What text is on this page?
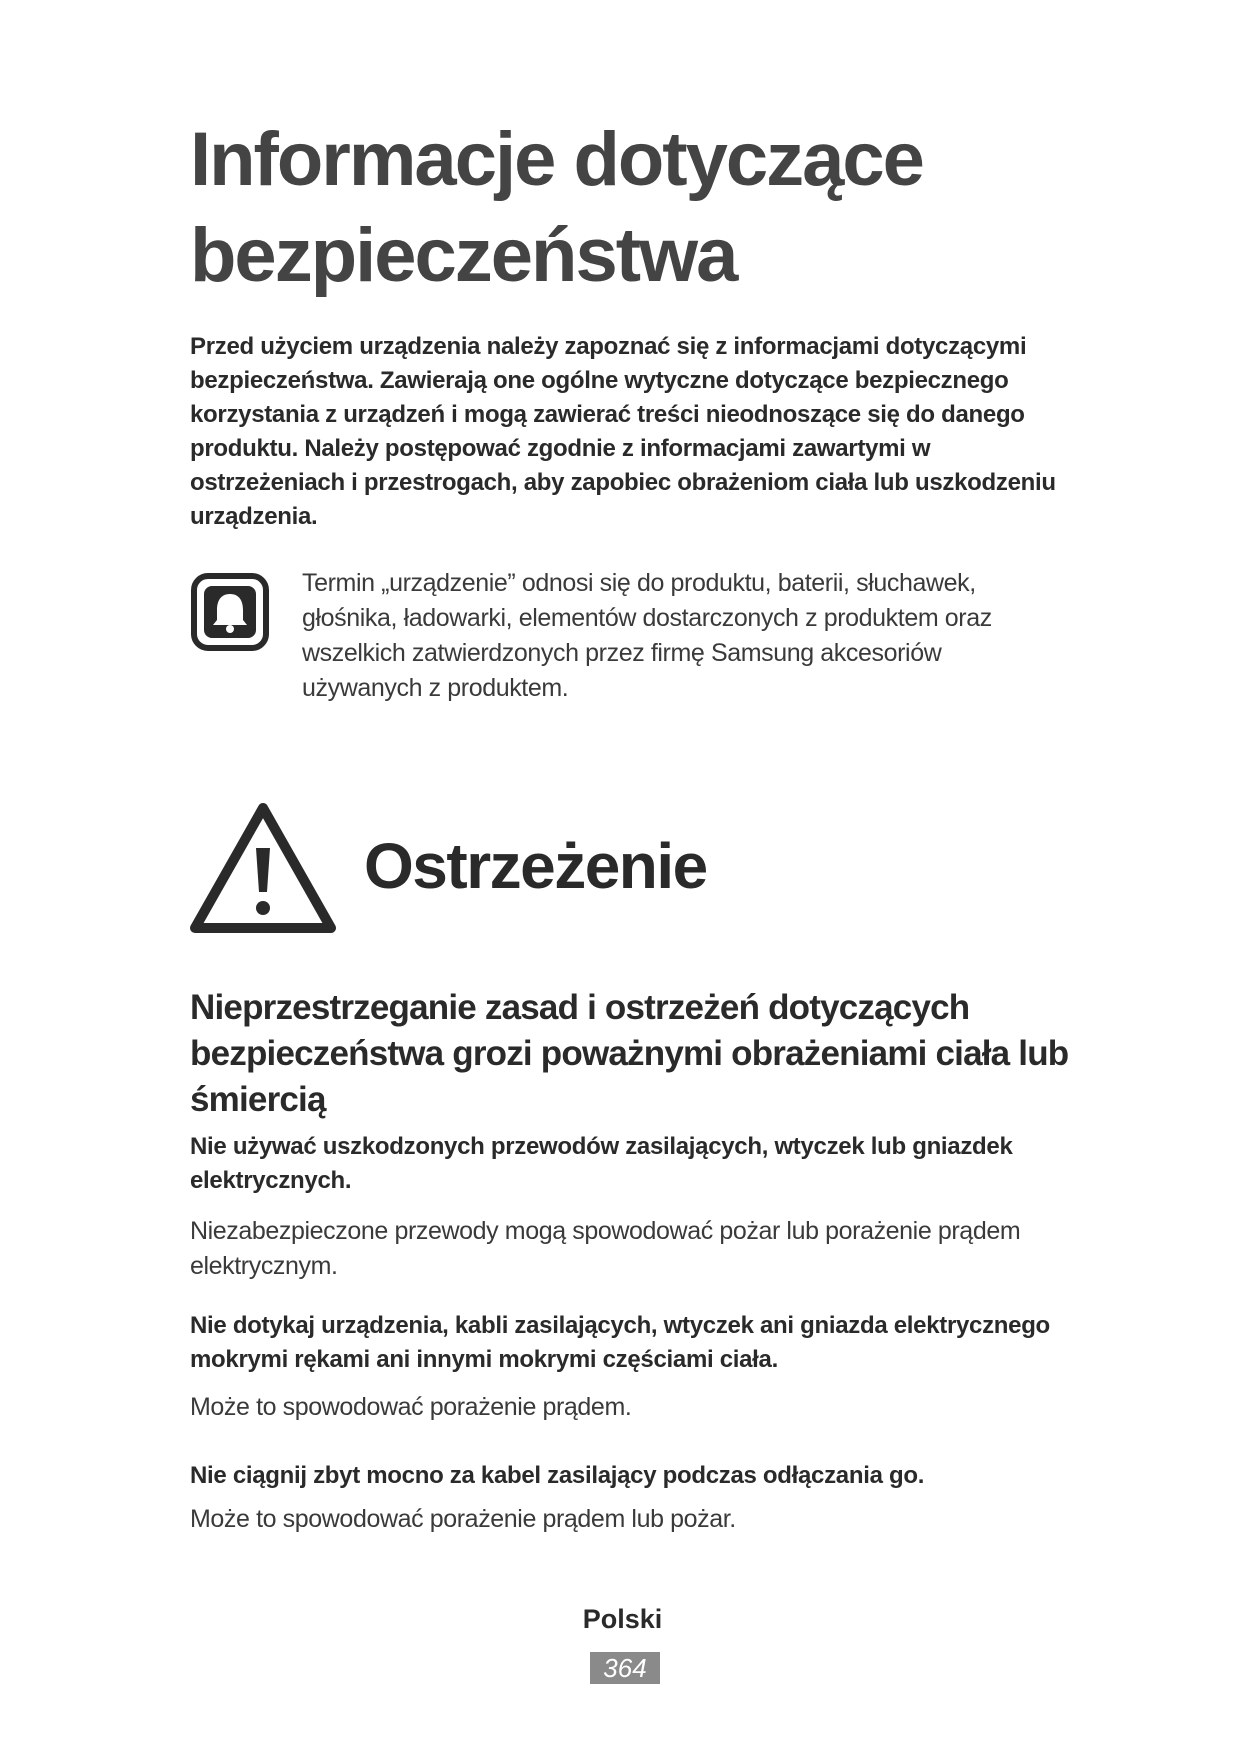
Informacje dotyczące bezpieczeństwa

Przed użyciem urządzenia należy zapoznać się z informacjami dotyczącymi bezpieczeństwa. Zawierają one ogólne wytyczne dotyczące bezpiecznego korzystania z urządzeń i mogą zawierać treści nieodnoszące się do danego produktu. Należy postępować zgodnie z informacjami zawartymi w ostrzeżeniach i przestrogach, aby zapobiec obrażeniom ciała lub uszkodzeniu urządzenia.

Termin „urządzenie” odnosi się do produktu, baterii, słuchawek, głośnika, ładowarki, elementów dostarczonych z produktem oraz wszelkich zatwierdzonych przez firmę Samsung akcesoriów używanych z produktem.

Ostrzeżenie
Nieprzestrzeganie zasad i ostrzeżeń dotyczących bezpieczeństwa grozi poważnymi obrażeniami ciała lub śmiercią

Nie używać uszkodzonych przewodów zasilających, wtyczek lub gniazdek elektrycznych.

Niezabezpieczone przewody mogą spowodować pożar lub porażenie prądem elektrycznym.

Nie dotykaj urządzenia, kabli zasilających, wtyczek ani gniazda elektrycznego mokrymi rękami ani innymi mokrymi częściami ciała.

Może to spowodować porażenie prądem.

Nie ciągnij zbyt mocno za kabel zasilający podczas odłączania go.

Może to spowodować porażenie prądem lub pożar.

Polski
364
